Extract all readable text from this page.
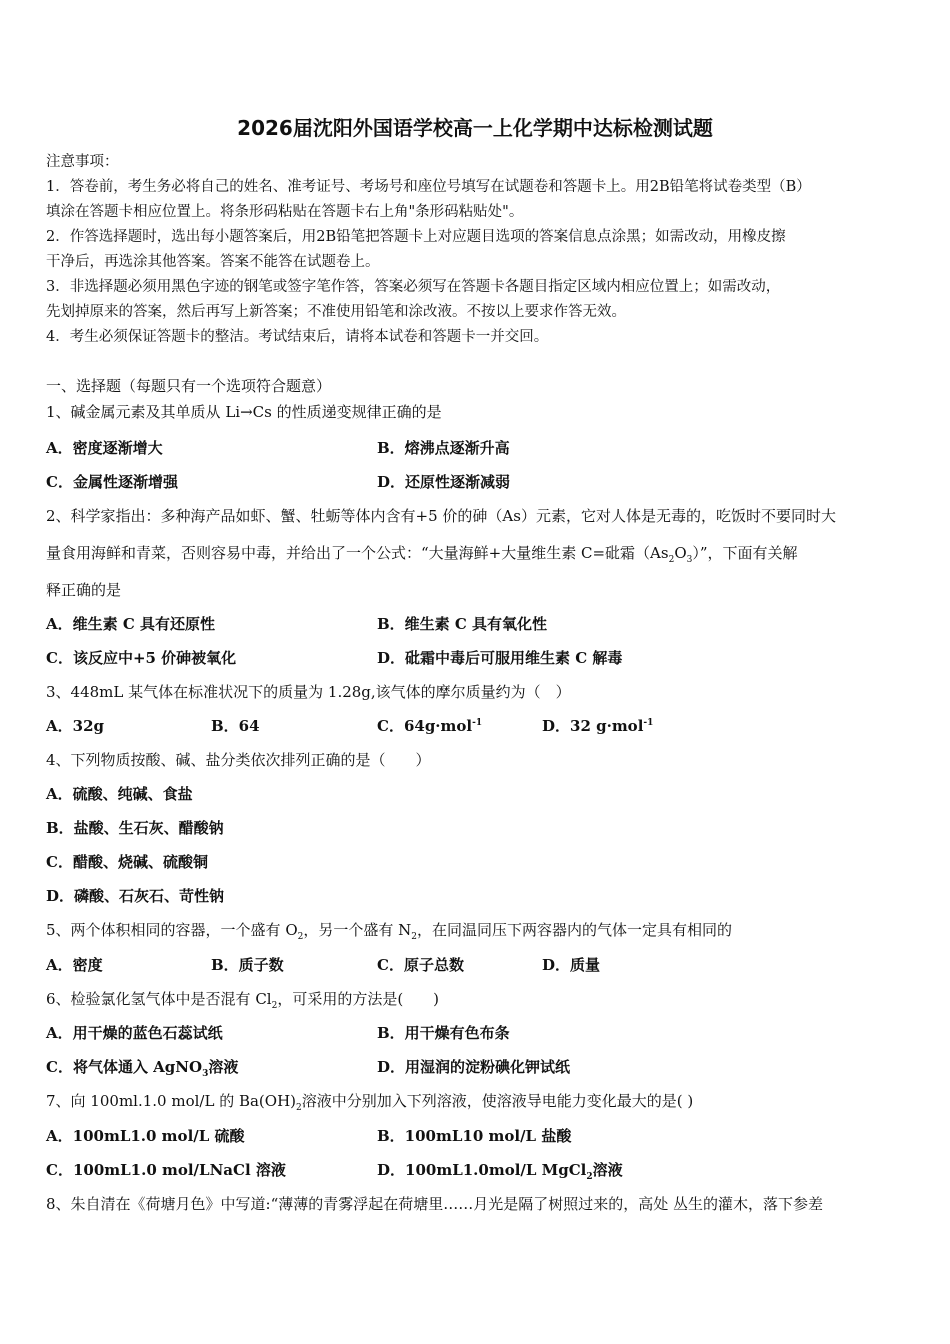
2026届沈阳外国语学校高一上化学期中达标检测试题
注意事项：
1．答卷前，考生务必将自己的姓名、准考证号、考场号和座位号填写在试题卷和答题卡上。用2B铅笔将试卷类型（B）
填涂在答题卡相应位置上。将条形码粘贴在答题卡右上角"条形码粘贴处"。
2．作答选择题时，选出每小题答案后，用2B铅笔把答题卡上对应题目选项的答案信息点涂黑；如需改动，用橡皮擦
干净后，再选涂其他答案。答案不能答在试题卷上。
3．非选择题必须用黑色字迹的钢笔或签字笔作答，答案必须写在答题卡各题目指定区域内相应位置上；如需改动，
先划掉原来的答案，然后再写上新答案；不准使用铅笔和涂改液。不按以上要求作答无效。
4．考生必须保证答题卡的整洁。考试结束后，请将本试卷和答题卡一并交回。
一、选择题（每题只有一个选项符合题意）
1、碱金属元素及其单质从 Li→Cs 的性质递变规律正确的是
A．密度逐渐增大	B．熔沸点逐渐升高
C．金属性逐渐增强	D．还原性逐渐减弱
2、科学家指出：多种海产品如虾、蟹、牡蛎等体内含有+5 价的砷（As）元素，它对人体是无毒的，吃饭时不要同时大
量食用海鲜和青菜，否则容易中毒，并给出了一个公式：“大量海鲜+大量维生素 C=砒霜$(As_2O_3)$”，下面有关解
释正确的是
A．维生素 C 具有还原性	B．维生素 C 具有氧化性
C．该反应中+5 价砷被氧化	D．砒霜中毒后可服用维生素 C 解毒
3、448mL 某气体在标准状况下的质量为 1.28g,该气体的摩尔质量约为（　）
A．32g	B．64	C．64g·mol$^{-1}$	D．32 g·mol$^{-1}$
4、下列物质按酸、碱、盐分类依次排列正确的是（　　）
A．硫酸、纯碱、食盐
B．盐酸、生石灰、醋酸钠
C．醋酸、烧碱、硫酸铜
D．磷酸、石灰石、苛性钠
5、两个体积相同的容器，一个盛有 $O_2$，另一个盛有 $N_2$，在同温同压下两容器内的气体一定具有相同的
A．密度	B．质子数	C．原子总数	D．质量
6、检验氯化氢气体中是否混有 $Cl_2$，可采用的方法是(　　)
A．用干燥的蓝色石蕊试纸	B．用干燥有色布条
C．将气体通入 AgNO$_3$溶液	D．用湿润的淀粉碘化钾试纸
7、向 100ml.1.0 mol/L 的 $Ba(OH)_2$溶液中分别加入下列溶液，使溶液导电能力变化最大的是( )
A．100mL1.0 mol/L 硫酸	B．100mL10 mol/L 盐酸
C．100mL1.0 mol/LNaCl 溶液	D．100mL1.0mol/L MgCl$_2$溶液
8、朱自清在《荷塘月色》中写道:“薄薄的青雾浮起在荷塘里……月光是隔了树照过来的，高处 丛生的灌木，落下参差
